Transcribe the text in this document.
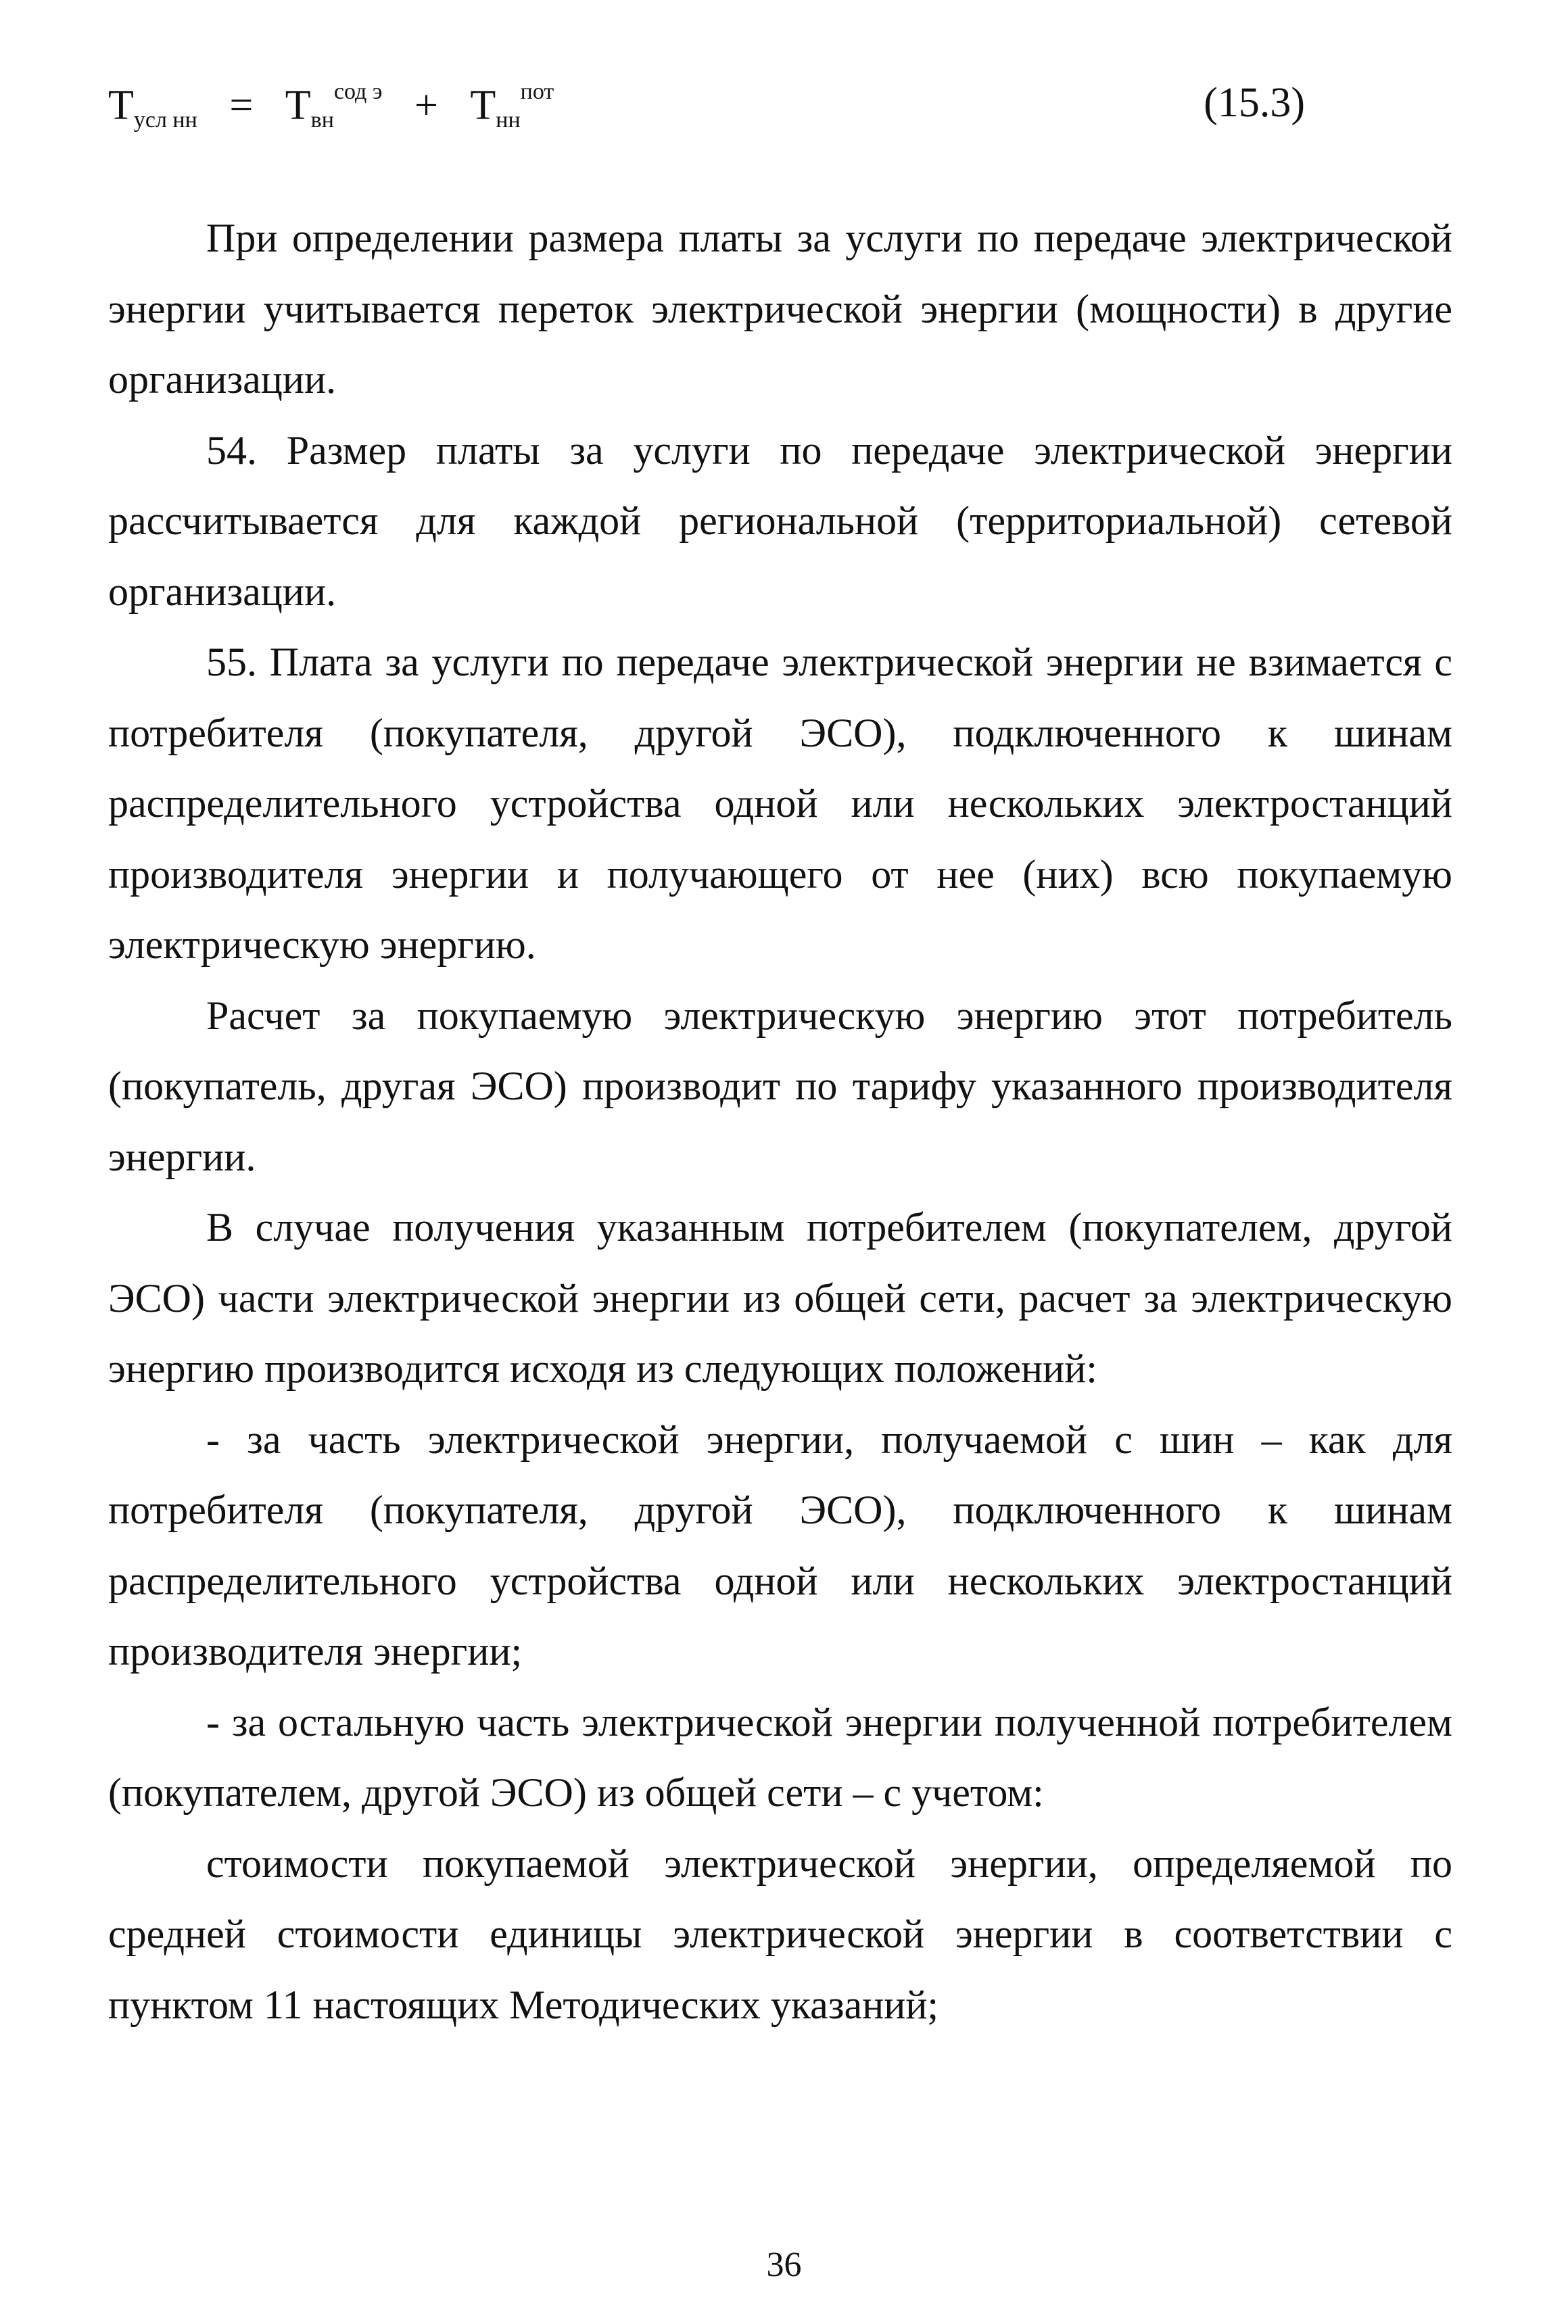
$T_{усл нн} = T_{вн}^{сод э} + T_{нн}^{пот}$	(15.3)

При определении размера платы за услуги по передаче электрической энергии учитывается переток электрической энергии (мощности) в другие организации.

54. Размер платы за услуги по передаче электрической энергии рассчитывается для каждой региональной (территориальной) сетевой организации.

55. Плата за услуги по передаче электрической энергии не взимается с потребителя (покупателя, другой ЭСО), подключенного к шинам распределительного устройства одной или нескольких электростанций производителя энергии и получающего от нее (них) всю покупаемую электрическую энергию.

Расчет за покупаемую электрическую энергию этот потребитель (покупатель, другая ЭСО) производит по тарифу указанного производителя энергии.

В случае получения указанным потребителем (покупателем, другой ЭСО) части электрической энергии из общей сети, расчет за электрическую энергию производится исходя из следующих положений:

- за часть электрической энергии, получаемой с шин – как для потребителя (покупателя, другой ЭСО), подключенного к шинам распределительного устройства одной или нескольких электростанций производителя энергии;

- за остальную часть электрической энергии полученной потребителем (покупателем, другой ЭСО) из общей сети – с учетом:

стоимости покупаемой электрической энергии, определяемой по средней стоимости единицы электрической энергии в соответствии с пунктом 11 настоящих Методических указаний;

36
